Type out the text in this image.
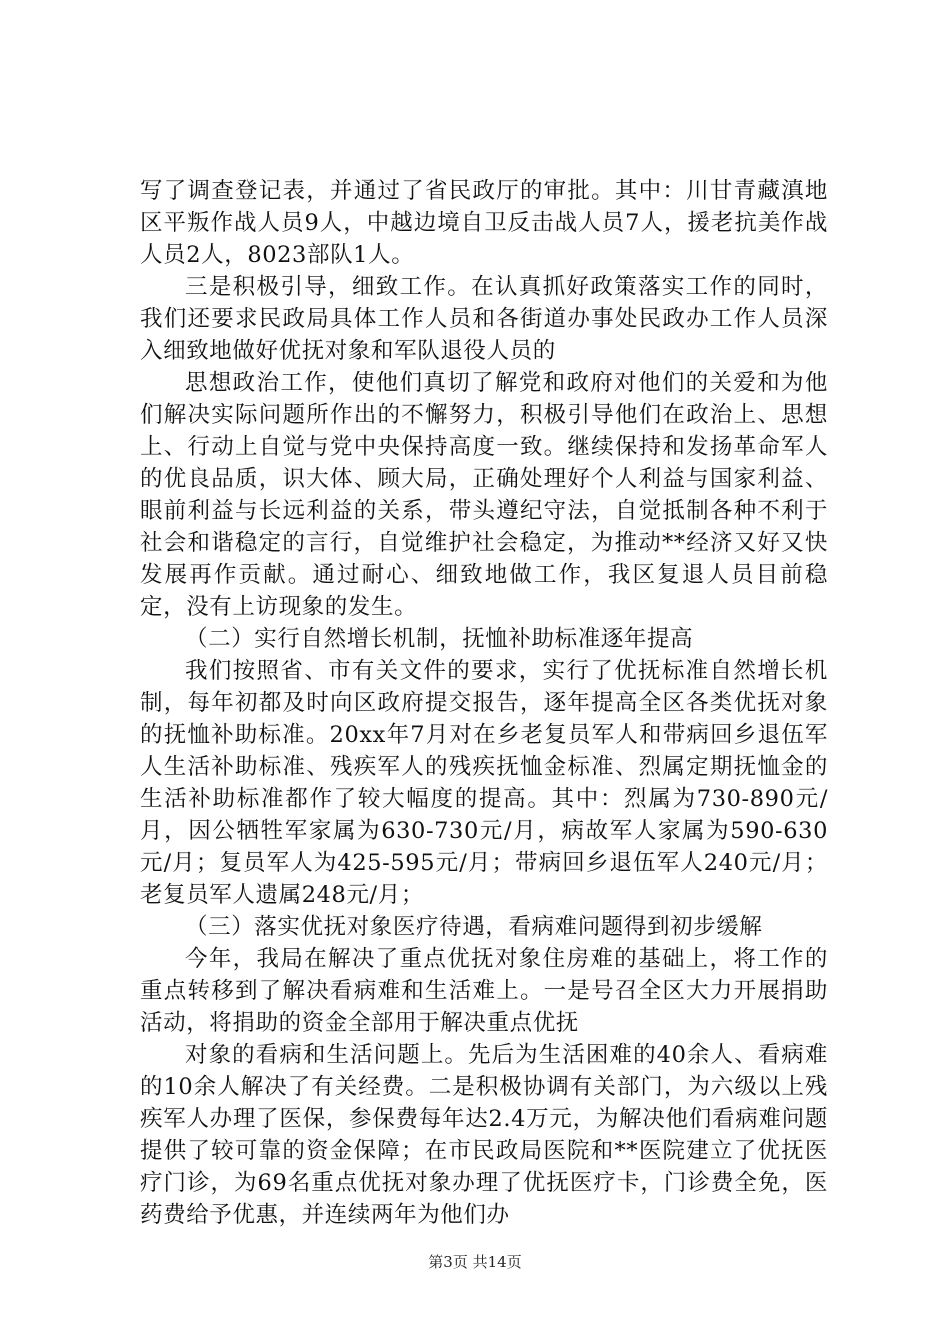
写了调查登记表，并通过了省民政厅的审批。其中：川甘青藏滇地区平叛作战人员9人，中越边境自卫反击战人员7人，援老抗美作战人员2人，8023部队1人。

三是积极引导，细致工作。在认真抓好政策落实工作的同时，我们还要求民政局具体工作人员和各街道办事处民政办工作人员深入细致地做好优抚对象和军队退役人员的

思想政治工作，使他们真切了解党和政府对他们的关爱和为他们解决实际问题所作出的不懈努力，积极引导他们在政治上、思想上、行动上自觉与党中央保持高度一致。继续保持和发扬革命军人的优良品质，识大体、顾大局，正确处理好个人利益与国家利益、眼前利益与长远利益的关系，带头遵纪守法，自觉抵制各种不利于社会和谐稳定的言行，自觉维护社会稳定，为推动**经济又好又快发展再作贡献。通过耐心、细致地做工作，我区复退人员目前稳定，没有上访现象的发生。

（二）实行自然增长机制，抚恤补助标准逐年提高

我们按照省、市有关文件的要求，实行了优抚标准自然增长机制，每年初都及时向区政府提交报告，逐年提高全区各类优抚对象的抚恤补助标准。20xx年7月对在乡老复员军人和带病回乡退伍军人生活补助标准、残疾军人的残疾抚恤金标准、烈属定期抚恤金的生活补助标准都作了较大幅度的提高。其中：烈属为730-890元/月，因公牺牲军家属为630-730元/月，病故军人家属为590-630元/月；复员军人为425-595元/月；带病回乡退伍军人240元/月；老复员军人遗属248元/月；

（三）落实优抚对象医疗待遇，看病难问题得到初步缓解

今年，我局在解决了重点优抚对象住房难的基础上，将工作的重点转移到了解决看病难和生活难上。一是号召全区大力开展捐助活动，将捐助的资金全部用于解决重点优抚

对象的看病和生活问题上。先后为生活困难的40余人、看病难的10余人解决了有关经费。二是积极协调有关部门，为六级以上残疾军人办理了医保，参保费每年达2.4万元，为解决他们看病难问题提供了较可靠的资金保障；在市民政局医院和**医院建立了优抚医疗门诊，为69名重点优抚对象办理了优抚医疗卡，门诊费全免，医药费给予优惠，并连续两年为他们办

第3页 共14页
